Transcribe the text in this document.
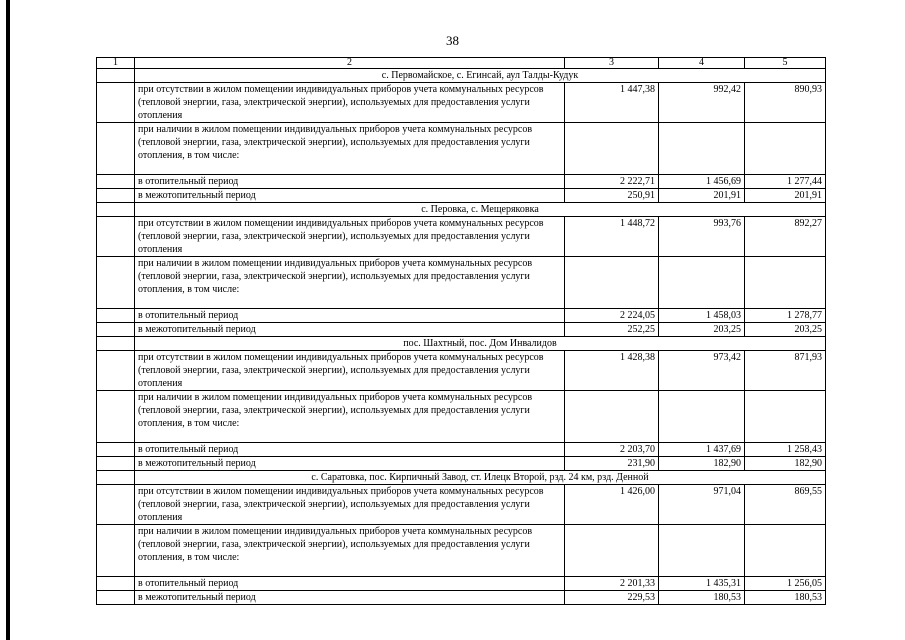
38
1	2	3	4	5
	с. Первомайское, с. Егинсай, аул Талды-Кудук			
	при отсутствии в жилом помещении индивидуальных приборов учета коммунальных ресурсов (тепловой энергии, газа, электрической энергии), используемых для предоставления услуги отопления	1 447,38	992,42	890,93
	при наличии в жилом помещении индивидуальных приборов учета коммунальных ресурсов (тепловой энергии, газа, электрической энергии), используемых для предоставления услуги отопления, в том числе:			
	в отопительный период	2 222,71	1 456,69	1 277,44
	в межотопительный период	250,91	201,91	201,91
	с. Перовка, с. Мещеряковка			
	при отсутствии в жилом помещении индивидуальных приборов учета коммунальных ресурсов (тепловой энергии, газа, электрической энергии), используемых для предоставления услуги отопления	1 448,72	993,76	892,27
	при наличии в жилом помещении индивидуальных приборов учета коммунальных ресурсов (тепловой энергии, газа, электрической энергии), используемых для предоставления услуги отопления, в том числе:			
	в отопительный период	2 224,05	1 458,03	1 278,77
	в межотопительный период	252,25	203,25	203,25
	пос. Шахтный, пос. Дом Инвалидов			
	при отсутствии в жилом помещении индивидуальных приборов учета коммунальных ресурсов (тепловой энергии, газа, электрической энергии), используемых для предоставления услуги отопления	1 428,38	973,42	871,93
	при наличии в жилом помещении индивидуальных приборов учета коммунальных ресурсов (тепловой энергии, газа, электрической энергии), используемых для предоставления услуги отопления, в том числе:			
	в отопительный период	2 203,70	1 437,69	1 258,43
	в межотопительный период	231,90	182,90	182,90
	с. Саратовка, пос. Кирпичный Завод, ст. Илецк Второй, рзд. 24 км, рзд. Денной			
	при отсутствии в жилом помещении индивидуальных приборов учета коммунальных ресурсов (тепловой энергии, газа, электрической энергии), используемых для предоставления услуги отопления	1 426,00	971,04	869,55
	при наличии в жилом помещении индивидуальных приборов учета коммунальных ресурсов (тепловой энергии, газа, электрической энергии), используемых для предоставления услуги отопления, в том числе:			
	в отопительный период	2 201,33	1 435,31	1 256,05
	в межотопительный период	229,53	180,53	180,53
